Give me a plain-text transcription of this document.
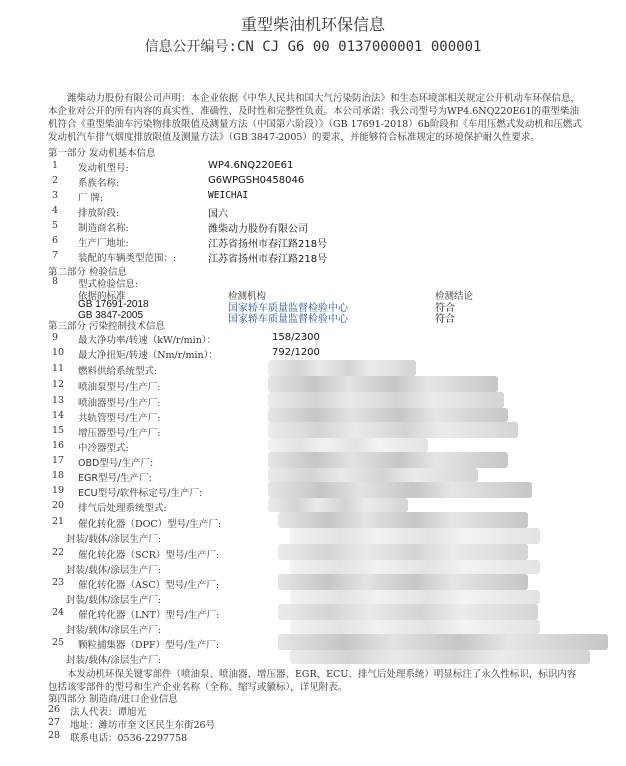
重型柴油机环保信息
信息公开编号:CN CJ G6 00 0137000001 000001
潍柴动力股份有限公司声明：本企业依据《中华人民共和国大气污染防治法》和生态环境部相关规定公开机动车环保信息，本企业对公开的所有内容的真实性、准确性、及时性和完整性负责。本公司承诺：我公司型号为WP4.6NQ220E61的重型柴油机符合《重型柴油车污染物排放限值及测量方法（中国第六阶段）》（GB 17691-2018）6b阶段和《车用压燃式发动机和压燃式发动机汽车排气烟度排放限值及测量方法》（GB 3847-2005）的要求，并能够符合标准规定的环境保护耐久性要求。
第一部分 发动机基本信息
1 发动机型号:	WP4.6NQ220E61
2 系族名称:	G6WPGSH0458046
3 厂 牌:	WEICHAI
4 排放阶段:	国六
5 制造商名称:	潍柴动力股份有限公司
6 生产厂地址:	江苏省扬州市春江路218号
7 装配的车辆类型范围：:	江苏省扬州市春江路218号
第二部分 检验信息
8 型式检验信息:
依据的标准	检测机构	检测结论
GB 17691-2018	国家轿车质量监督检验中心	符合
GB 3847-2005	国家轿车质量监督检验中心	符合
第三部分 污染控制技术信息
9 最大净功率/转速（kW/r/min）：	158/2300
10 最大净扭矩/转速（Nm/r/min）：	792/1200
11 燃料供给系统型式:
12 喷油泵型号/生产厂:
13 喷油器型号/生产厂:
14 共轨管型号/生产厂:
15 增压器型号/生产厂:
16 中冷器型式:
17 OBD型号/生产厂:
18 EGR型号/生产厂:
19 ECU型号/软件标定号/生产厂:
20 排气后处理系统型式:
21 催化转化器（DOC）型号/生产厂:
封装/载体/涂层生产厂:
22 催化转化器（SCR）型号/生产厂:
封装/载体/涂层生产厂:
23 催化转化器（ASC）型号/生产厂:
封装/载体/涂层生产厂:
24 催化转化器（LNT）型号/生产厂:
封装/载体/涂层生产厂:
25 颗粒捕集器（DPF）型号/生产厂:
封装/载体/涂层生产厂:
本发动机环保关键零部件（喷油泵、喷油器、增压器、EGR、ECU、排气后处理系统）明显标注了永久性标识，标识内容包括该零部件的型号和生产企业名称（全称、缩写或徽标），详见附表。
第四部分 制造商/进口企业信息
26 法人代表：谭旭光
27 地址：潍坊市奎文区民生东街26号
28 联系电话：0536-2297758
